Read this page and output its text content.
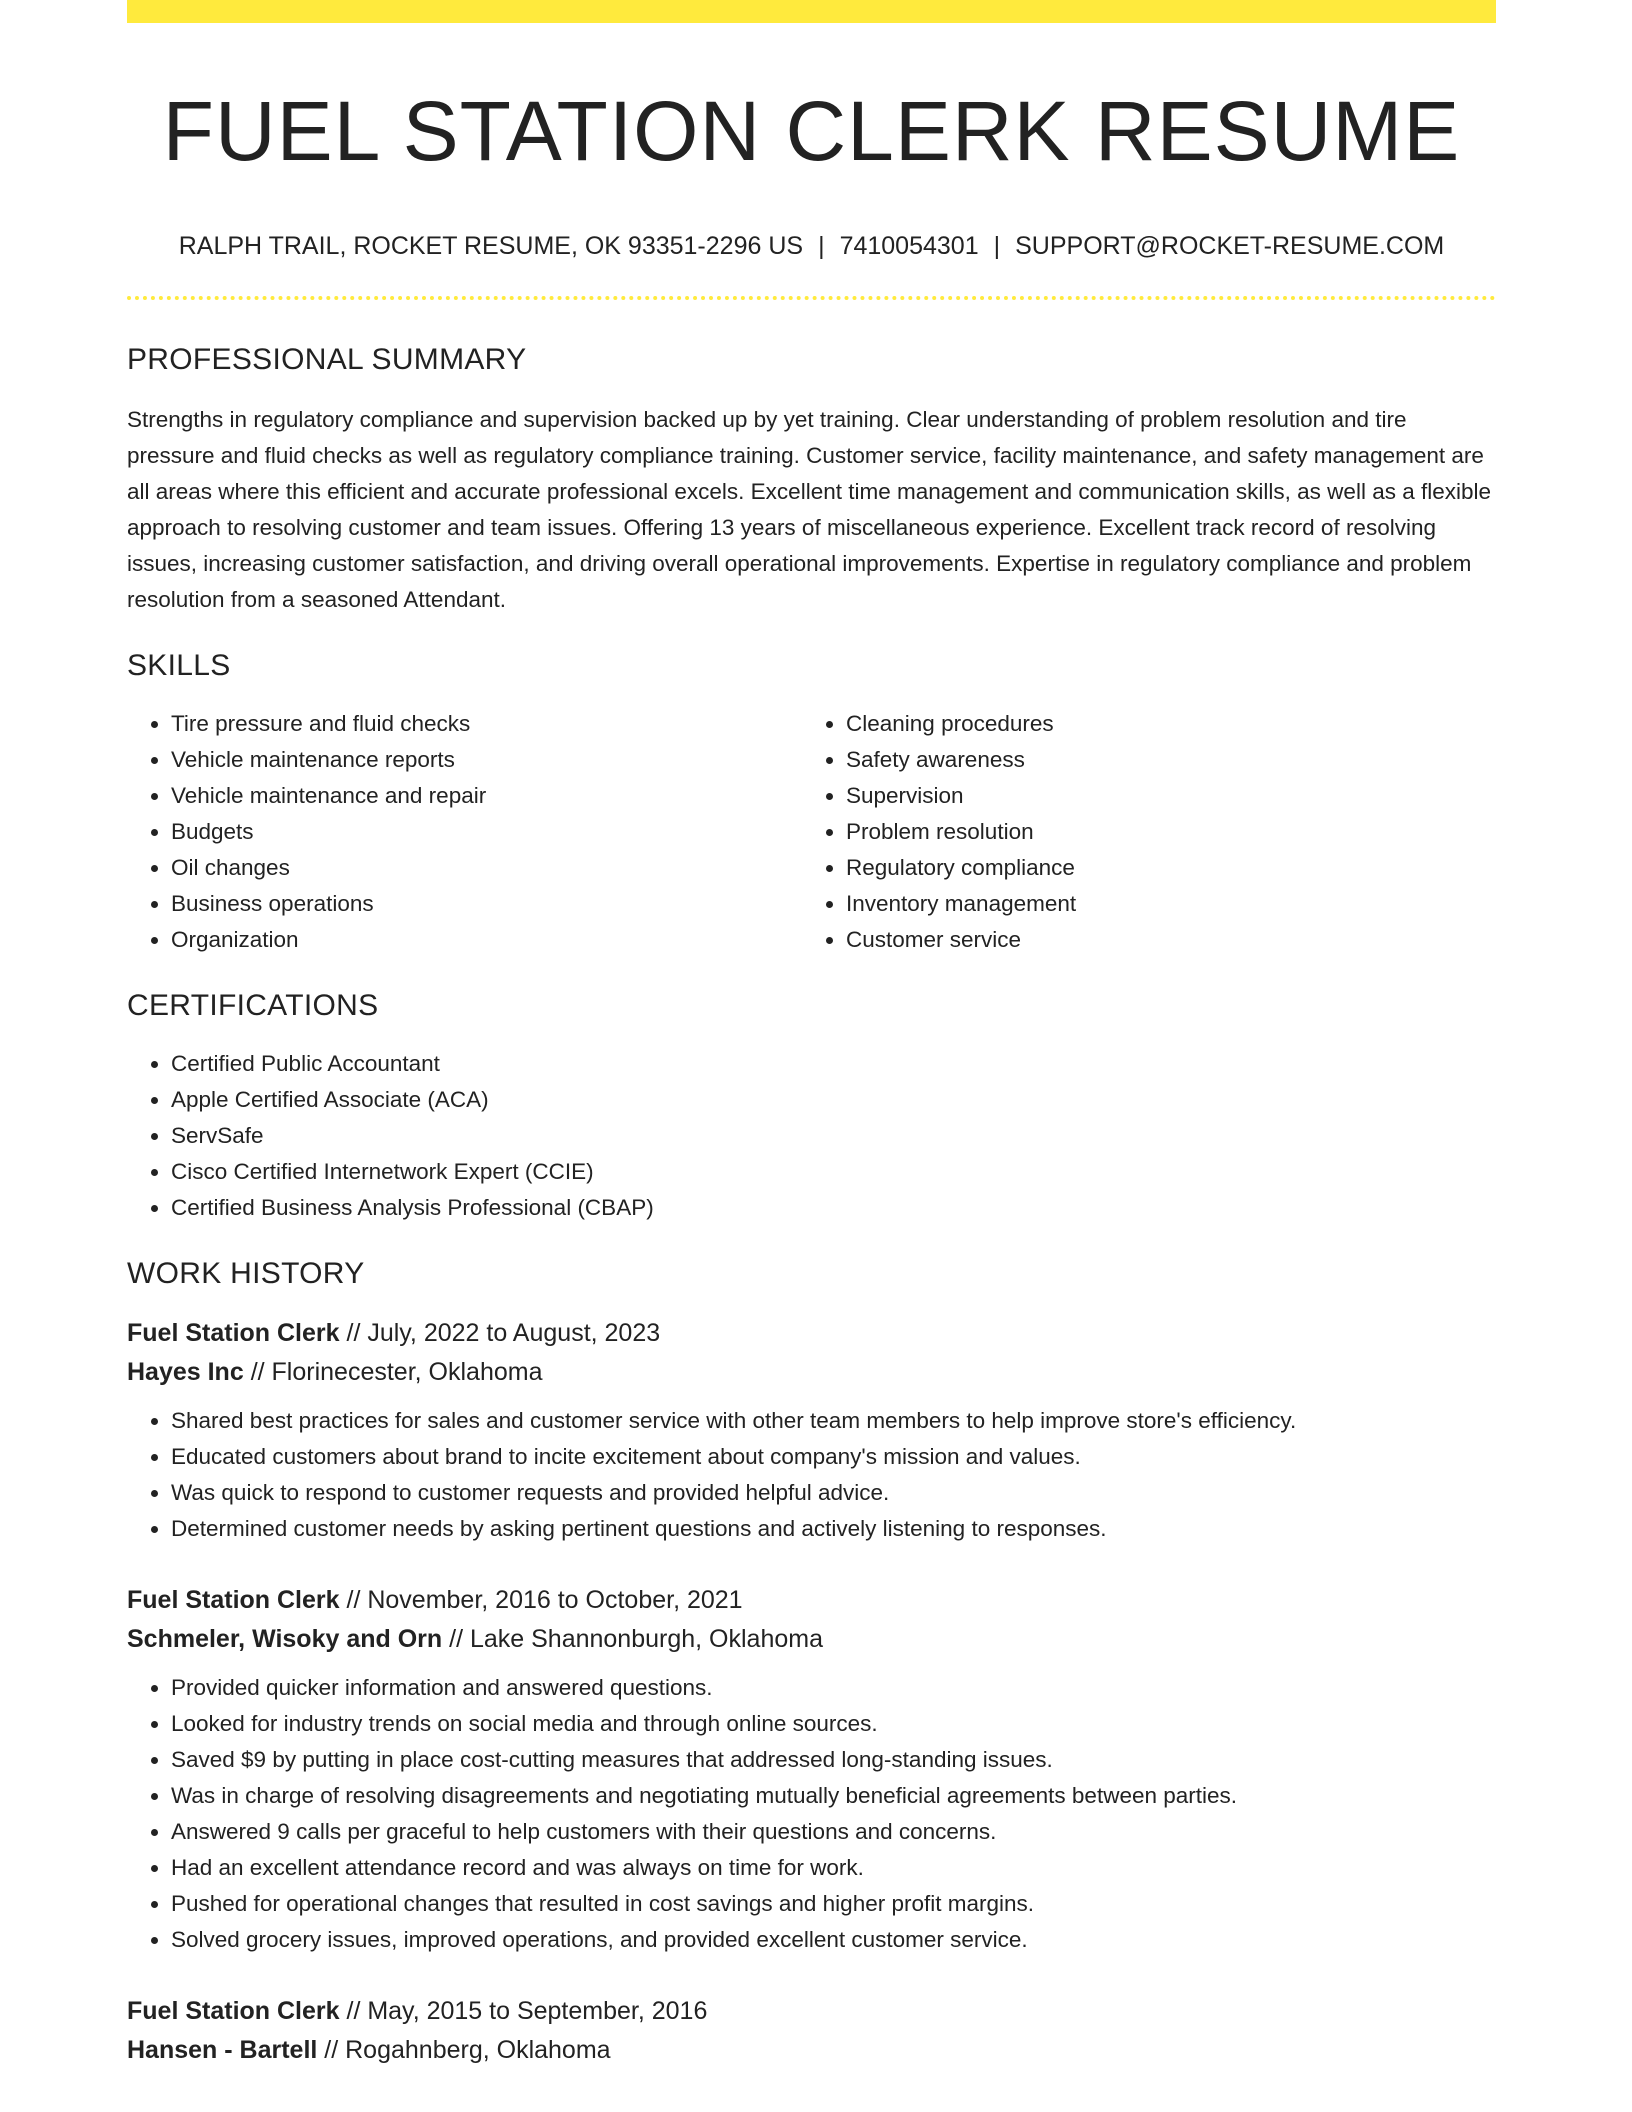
FUEL STATION CLERK RESUME
RALPH TRAIL, ROCKET RESUME, OK 93351-2296 US | 7410054301 | SUPPORT@ROCKET-RESUME.COM
PROFESSIONAL SUMMARY

Strengths in regulatory compliance and supervision backed up by yet training. Clear understanding of problem resolution and tire pressure and fluid checks as well as regulatory compliance training. Customer service, facility maintenance, and safety management are all areas where this efficient and accurate professional excels. Excellent time management and communication skills, as well as a flexible approach to resolving customer and team issues. Offering 13 years of miscellaneous experience. Excellent track record of resolving issues, increasing customer satisfaction, and driving overall operational improvements. Expertise in regulatory compliance and problem resolution from a seasoned Attendant.

SKILLS
• Tire pressure and fluid checks
• Vehicle maintenance reports
• Vehicle maintenance and repair
• Budgets
• Oil changes
• Business operations
• Organization
• Cleaning procedures
• Safety awareness
• Supervision
• Problem resolution
• Regulatory compliance
• Inventory management
• Customer service
CERTIFICATIONS
• Certified Public Accountant
• Apple Certified Associate (ACA)
• ServSafe
• Cisco Certified Internetwork Expert (CCIE)
• Certified Business Analysis Professional (CBAP)
WORK HISTORY
Fuel Station Clerk // July, 2022 to August, 2023
Hayes Inc // Florinecester, Oklahoma
• Shared best practices for sales and customer service with other team members to help improve store's efficiency.
• Educated customers about brand to incite excitement about company's mission and values.
• Was quick to respond to customer requests and provided helpful advice.
• Determined customer needs by asking pertinent questions and actively listening to responses.
Fuel Station Clerk // November, 2016 to October, 2021
Schmeler, Wisoky and Orn // Lake Shannonburgh, Oklahoma
• Provided quicker information and answered questions.
• Looked for industry trends on social media and through online sources.
• Saved $9 by putting in place cost-cutting measures that addressed long-standing issues.
• Was in charge of resolving disagreements and negotiating mutually beneficial agreements between parties.
• Answered 9 calls per graceful to help customers with their questions and concerns.
• Had an excellent attendance record and was always on time for work.
• Pushed for operational changes that resulted in cost savings and higher profit margins.
• Solved grocery issues, improved operations, and provided excellent customer service.
Fuel Station Clerk // May, 2015 to September, 2016
Hansen - Bartell // Rogahnberg, Oklahoma
